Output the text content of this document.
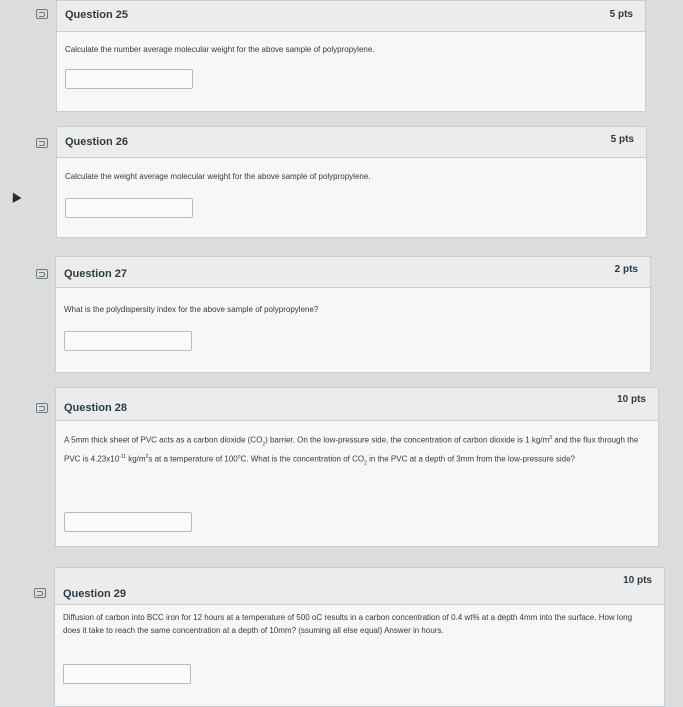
Question 25	5 pts
Calculate the number average molecular weight for the above sample of polypropylene.
Question 26	5 pts
Calculate the weight average molecular weight for the above sample of polypropylene.
Question 27	2 pts
What is the polydispersity index for the above sample of polypropylene?
Question 28
10 pts
A 5mm thick sheet of PVC acts as a carbon dioxide $(CO_2)$ barrier. On the low-pressure side, the concentration of carbon dioxide is 1 $kg/m^3$ and the flux through the PVC is $4.23x10^{-11}$ $kg/m^2s$ at a temperature of 100$^o$C. What is the concentration of $CO_2$ in the PVC at a depth of 3mm from the low-pressure side?
Question 29
10 pts
Diffusion of carbon into BCC iron for 12 hours at a temperature of 500 oC results in a carbon concentration of 0.4 wt% at a depth 4mm into the surface. How long does it take to reach the same concentration at a depth of 10mm? (ssuming all else equal) Answer in hours.
